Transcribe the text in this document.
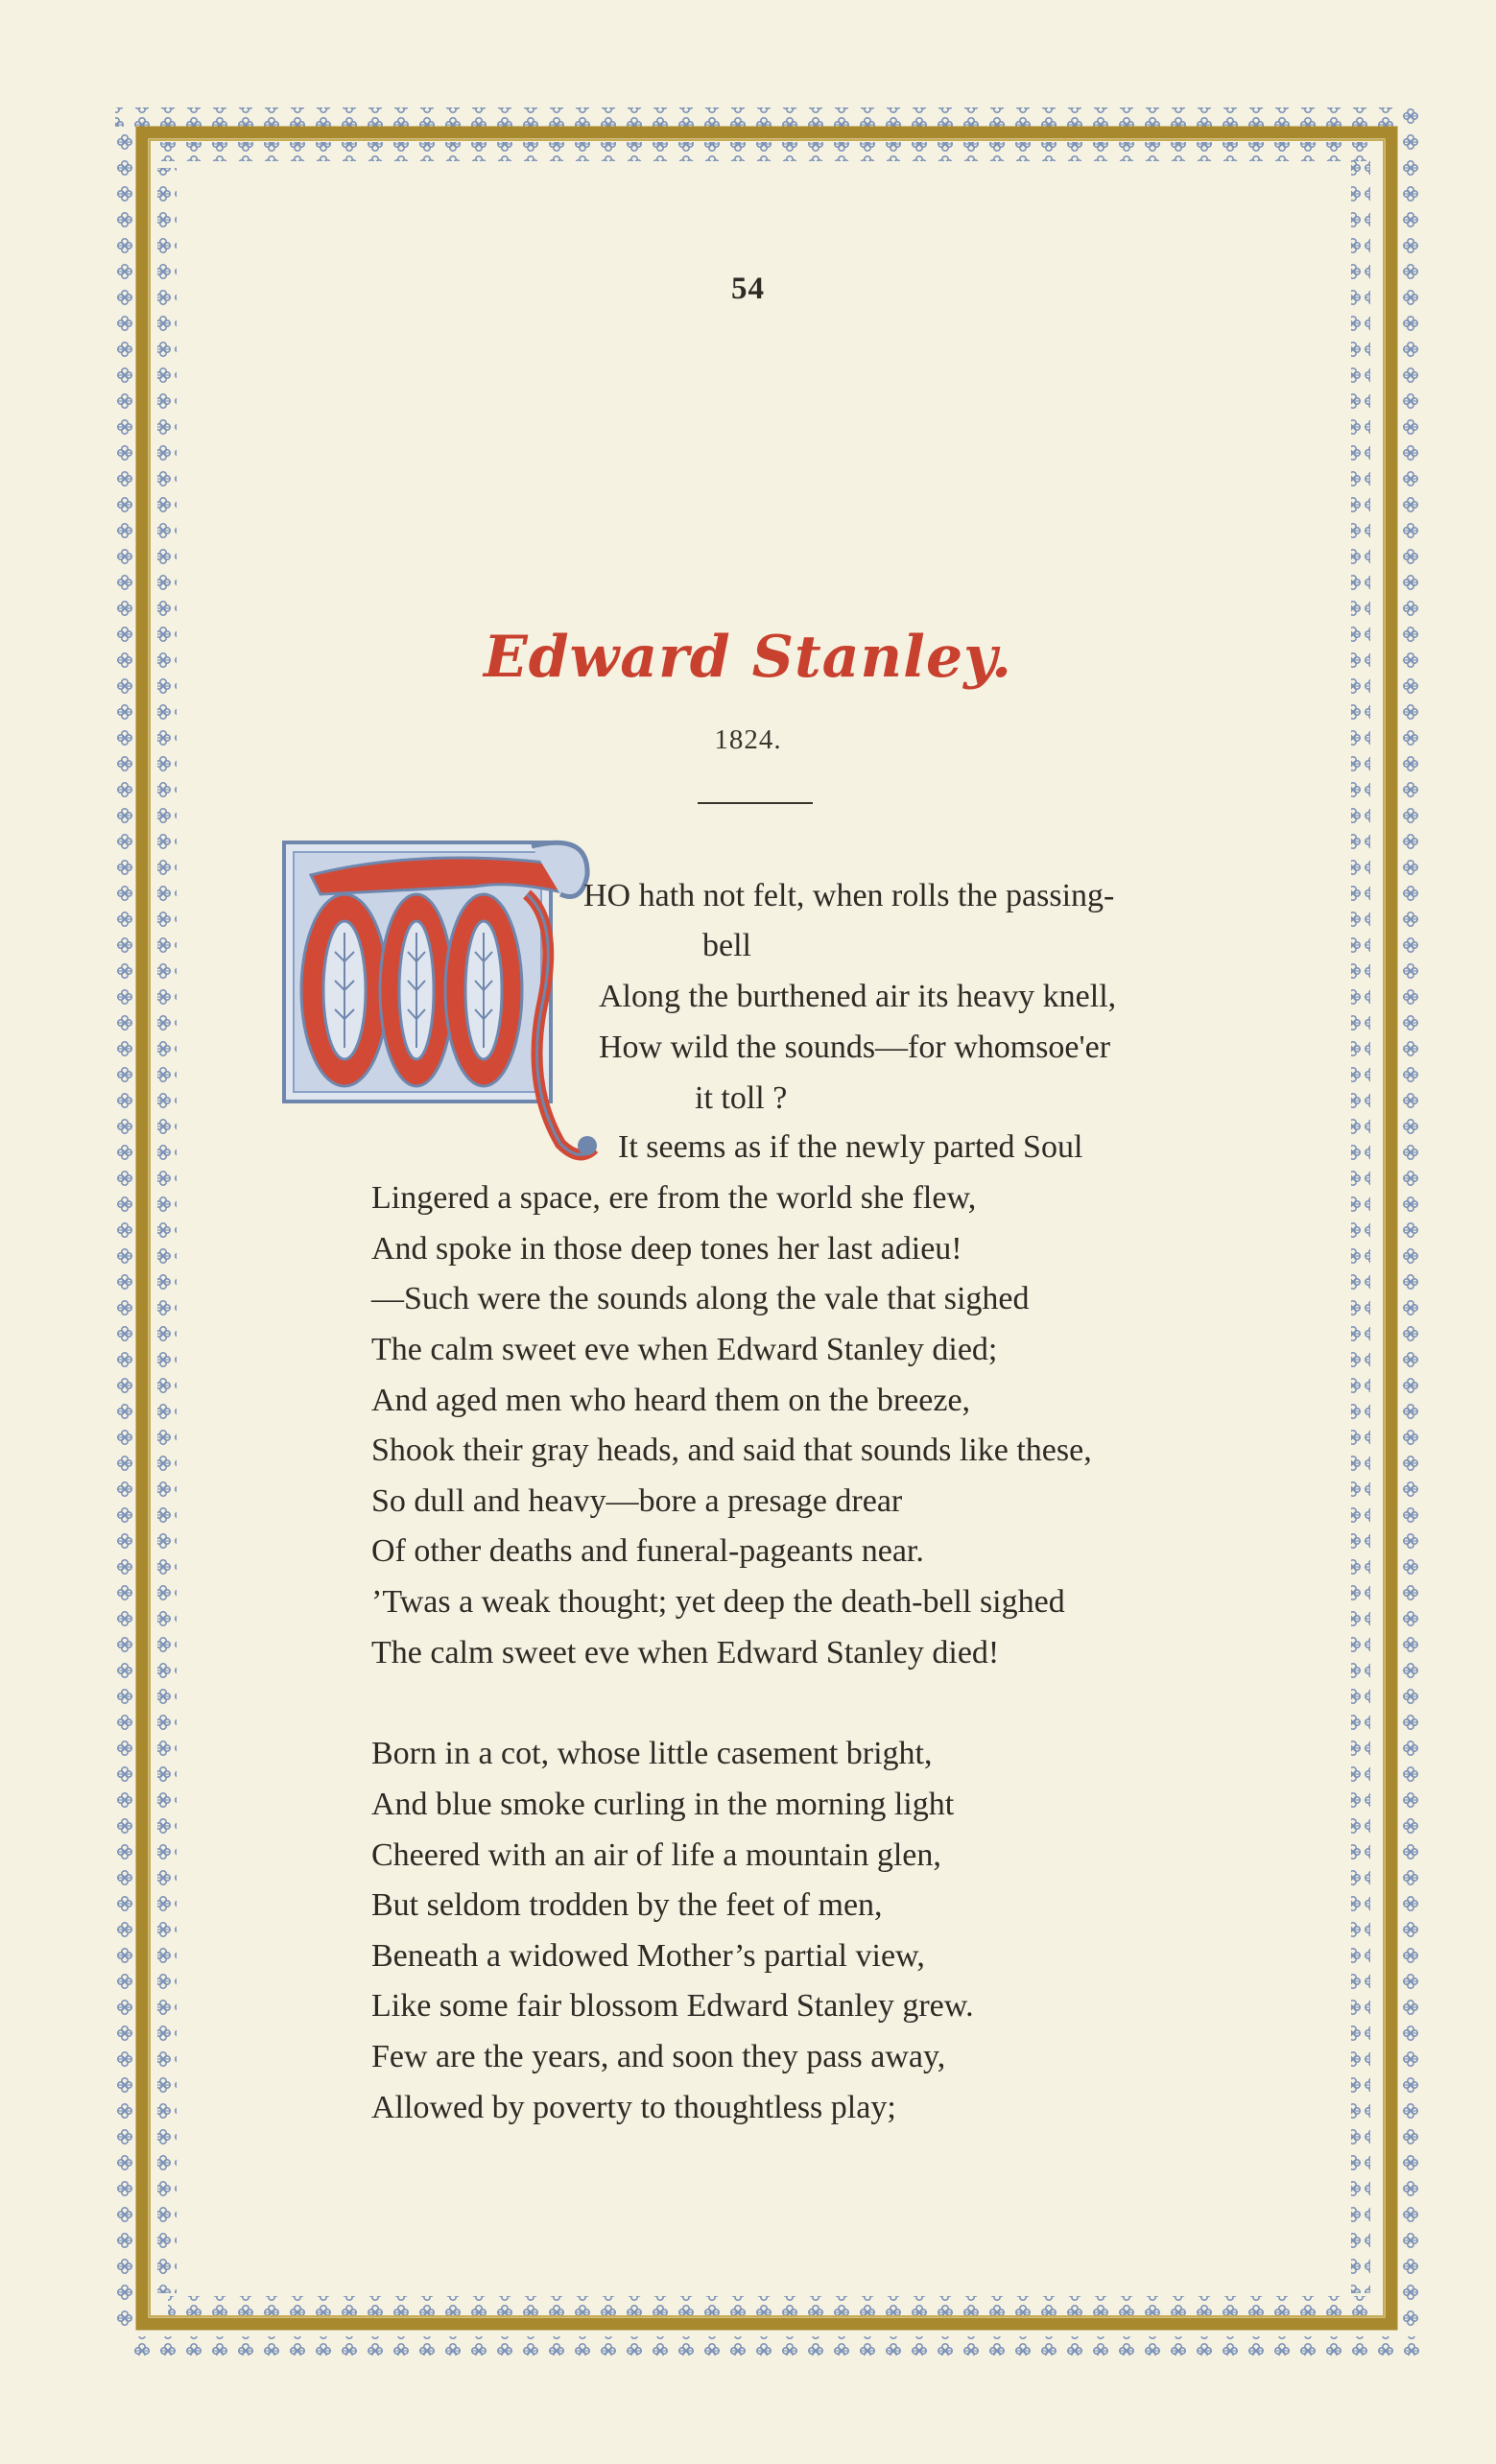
54
Edward Stanley.
1824.
HO hath not felt, when rolls the passing-
bell
Along the burthened air its heavy knell,
How wild the sounds—for whomsoe'er
it toll ?
It seems as if the newly parted Soul
Lingered a space, ere from the world she flew,
And spoke in those deep tones her last adieu!
—Such were the sounds along the vale that sighed
The calm sweet eve when Edward Stanley died;
And aged men who heard them on the breeze,
Shook their gray heads, and said that sounds like these,
So dull and heavy—bore a presage drear
Of other deaths and funeral-pageants near.
’Twas a weak thought; yet deep the death-bell sighed
The calm sweet eve when Edward Stanley died!
Born in a cot, whose little casement bright,
And blue smoke curling in the morning light
Cheered with an air of life a mountain glen,
But seldom trodden by the feet of men,
Beneath a widowed Mother’s partial view,
Like some fair blossom Edward Stanley grew.
Few are the years, and soon they pass away,
Allowed by poverty to thoughtless play;
